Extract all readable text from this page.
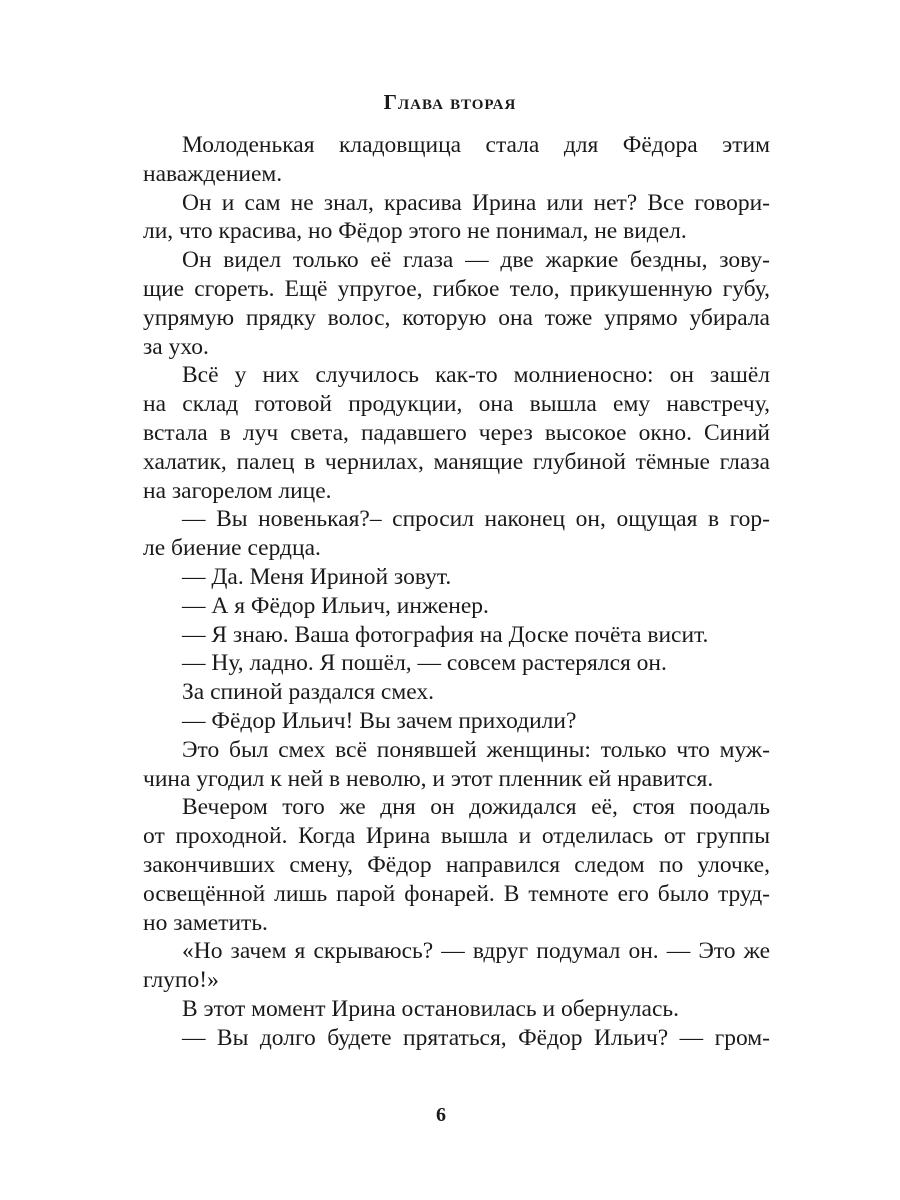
Глава вторая
Молоденькая кладовщица стала для Фёдора этим
наваждением.
Он и сам не знал, красива Ирина или нет? Все говори-
ли, что красива, но Фёдор этого не понимал, не видел.
Он видел только её глаза — две жаркие бездны, зову-
щие сгореть. Ещё упругое, гибкое тело, прикушенную губу,
упрямую прядку волос, которую она тоже упрямо убирала
за ухо.
Всё у них случилось как-то молниеносно: он зашёл
на склад готовой продукции, она вышла ему навстречу,
встала в луч света, падавшего через высокое окно. Синий
халатик, палец в чернилах, манящие глубиной тёмные глаза
на загорелом лице.
— Вы новенькая?– спросил наконец он, ощущая в гор-
ле биение сердца.
— Да. Меня Ириной зовут.
— А я Фёдор Ильич, инженер.
— Я знаю. Ваша фотография на Доске почёта висит.
— Ну, ладно. Я пошёл, — совсем растерялся он.
За спиной раздался смех.
— Фёдор Ильич! Вы зачем приходили?
Это был смех всё понявшей женщины: только что муж-
чина угодил к ней в неволю, и этот пленник ей нравится.
Вечером того же дня он дожидался её, стоя поодаль
от проходной. Когда Ирина вышла и отделилась от группы
закончивших смену, Фёдор направился следом по улочке,
освещённой лишь парой фонарей. В темноте его было труд-
но заметить.
«Но зачем я скрываюсь? — вдруг подумал он. — Это же
глупо!»
В этот момент Ирина остановилась и обернулась.
— Вы долго будете прятаться, Фёдор Ильич? — гром-
6
